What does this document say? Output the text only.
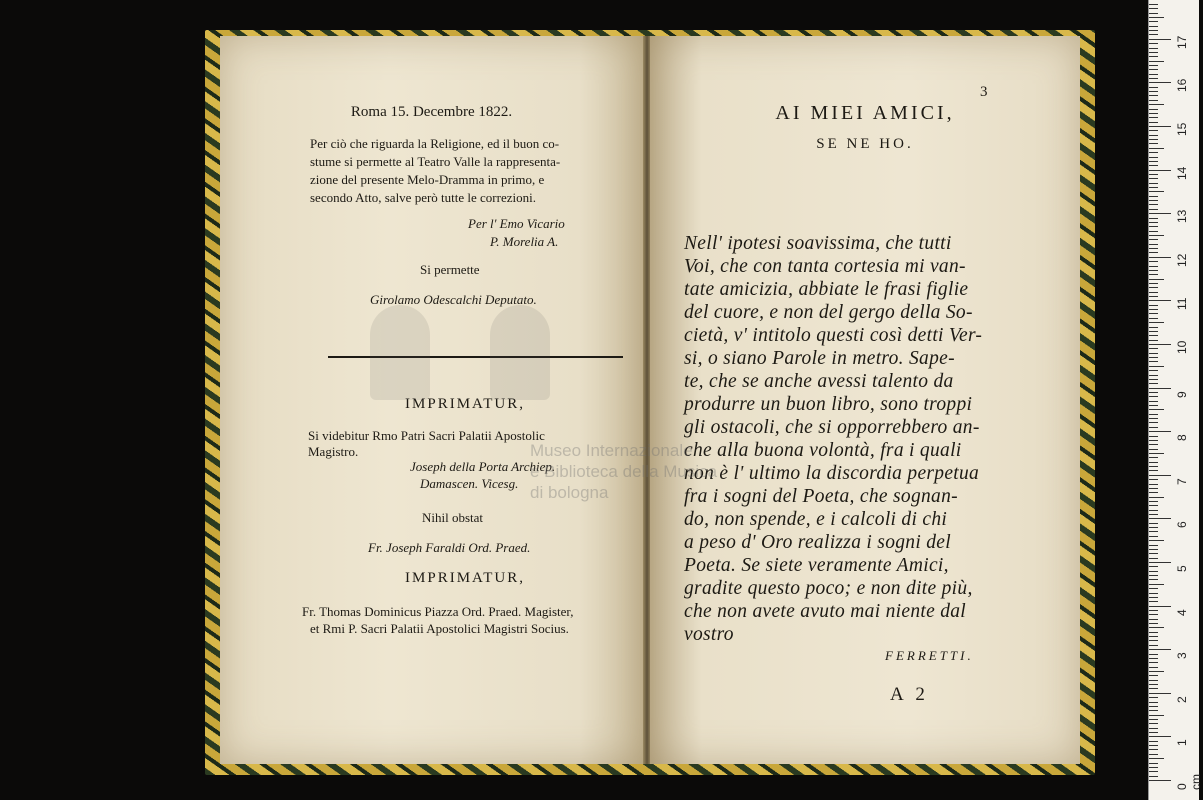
Roma 15. Decembre 1822.
Per ciò che riguarda la Religione, ed il buon co-
stume si permette al Teatro Valle la rappresenta-
zione del presente Melo-Dramma in primo, e
secondo Atto, salve però tutte le correzioni.
Per l' Emo Vicario
P. Morelia A.
Si permette
Girolamo Odescalchi Deputato.
IMPRIMATUR,
Si videbitur Rmo Patri Sacri Palatii Apostolic
Magistro.
Joseph della Porta Archiep.
Damascen. Vicesg.
Nihil obstat
Fr. Joseph Faraldi Ord. Praed.
IMPRIMATUR,
Fr. Thomas Dominicus Piazza Ord. Praed. Magister,
et Rmi P. Sacri Palatii Apostolici Magistri Socius.
3
AI MIEI AMICI,
SE NE HO.
Nell' ipotesi soavissima, che tutti
Voi, che con tanta cortesia mi van-
tate amicizia, abbiate le frasi figlie
del cuore, e non del gergo della So-
cietà, v' intitolo questi così detti Ver-
si, o siano Parole in metro. Sape-
te, che se anche avessi talento da
produrre un buon libro, sono troppi
gli ostacoli, che si opporrebbero an-
che alla buona volontà, fra i quali
non è l' ultimo la discordia perpetua
fra i sogni del Poeta, che sognan-
do, non spende, e i calcoli di chi
a peso d' Oro realizza i sogni del
Poeta. Se siete veramente Amici,
gradite questo poco; e non dite più,
che non avete avuto mai niente dal
vostro
FERRETTI.
A 2
Museo Internazionale
e Biblioteca della Musica
di bologna
0 cm
1
2
3
4
5
6
7
8
9
10
11
12
13
14
15
16
17
